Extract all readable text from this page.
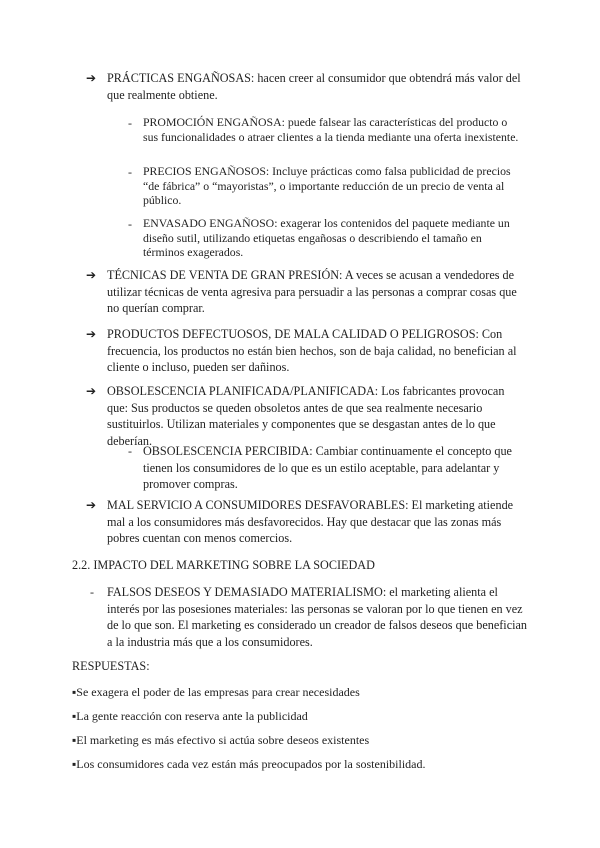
➔ PRÁCTICAS ENGAÑOSAS: hacen creer al consumidor que obtendrá más valor del que realmente obtiene.
- PROMOCIÓN ENGAÑOSA: puede falsear las características del producto o sus funcionalidades o atraer clientes a la tienda mediante una oferta inexistente.
- PRECIOS ENGAÑOSOS: Incluye prácticas como falsa publicidad de precios “de fábrica” o “mayoristas”, o importante reducción de un precio de venta al público.
- ENVASADO ENGAÑOSO: exagerar los contenidos del paquete mediante un diseño sutil, utilizando etiquetas engañosas o describiendo el tamaño en términos exagerados.
➔ TÉCNICAS DE VENTA DE GRAN PRESIÓN: A veces se acusan a vendedores de utilizar técnicas de venta agresiva para persuadir a las personas a comprar cosas que no querían comprar.
➔ PRODUCTOS DEFECTUOSOS, DE MALA CALIDAD O PELIGROSOS: Con frecuencia, los productos no están bien hechos, son de baja calidad, no benefician al cliente o incluso, pueden ser dañinos.
➔ OBSOLESCENCIA PLANIFICADA/PLANIFICADA: Los fabricantes provocan que: Sus productos se queden obsoletos antes de que sea realmente necesario sustituirlos. Utilizan materiales y componentes que se desgastan antes de lo que deberían.
- OBSOLESCENCIA PERCIBIDA: Cambiar continuamente el concepto que tienen los consumidores de lo que es un estilo aceptable, para adelantar y promover compras.
➔ MAL SERVICIO A CONSUMIDORES DESFAVORABLES: El marketing atiende mal a los consumidores más desfavorecidos. Hay que destacar que las zonas más pobres cuentan con menos comercios.
2.2. IMPACTO DEL MARKETING SOBRE LA SOCIEDAD
- FALSOS DESEOS Y DEMASIADO MATERIALISMO: el marketing alienta el interés por las posesiones materiales: las personas se valoran por lo que tienen en vez de lo que son. El marketing es considerado un creador de falsos deseos que benefician a la industria más que a los consumidores.
RESPUESTAS:
▪Se exagera el poder de las empresas para crear necesidades
▪La gente reacción con reserva ante la publicidad
▪El marketing es más efectivo si actúa sobre deseos existentes
▪Los consumidores cada vez están más preocupados por la sostenibilidad.
